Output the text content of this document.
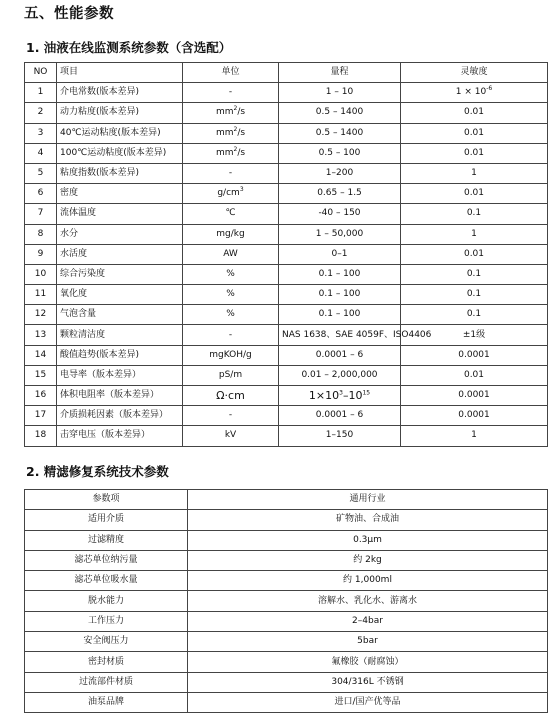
五、性能参数
1. 油液在线监测系统参数（含选配）
NO	项目	单位	量程	灵敏度
1	介电常数(版本差异)	-	1 – 10	$1 \times 10^{-6}$
2	动力粘度(版本差异)	$mm^2/s$	0.5 – 1400	0.01
3	40℃运动粘度(版本差异)	$mm^2/s$	0.5 – 1400	0.01
4	100℃运动粘度(版本差异)	$mm^2/s$	0.5 – 100	0.01
5	粘度指数(版本差异)	-	1–200	1
6	密度	$g/cm^3$	0.65 – 1.5	0.01
7	流体温度	℃	-40 – 150	0.1
8	水分	mg/kg	1 – 50,000	1
9	水活度	AW	0–1	0.01
10	综合污染度	%	0.1 – 100	0.1
11	氧化度	%	0.1 – 100	0.1
12	气泡含量	%	0.1 – 100	0.1
13	颗粒清洁度	-	NAS 1638、SAE 4059F、ISO4406	±1级
14	酸值趋势(版本差异)	mgKOH/g	0.0001 – 6	0.0001
15	电导率（版本差异）	pS/m	0.01 – 2,000,000	0.01
16	体积电阻率（版本差异）	Ω·cm	$1\times 10^3-10^{15}$	0.0001
17	介质损耗因素（版本差异）	-	0.0001 – 6	0.0001
18	击穿电压（版本差异）	kV	1–150	1
2. 精滤修复系统技术参数
参数项	通用行业
适用介质	矿物油、合成油
过滤精度	0.3μm
滤芯单位纳污量	约 2kg
滤芯单位吸水量	约 1,000ml
脱水能力	溶解水、乳化水、游离水
工作压力	2–4bar
安全阀压力	5bar
密封材质	氟橡胶（耐腐蚀）
过流部件材质	304/316L 不锈钢
油泵品牌	进口/国产优等品
